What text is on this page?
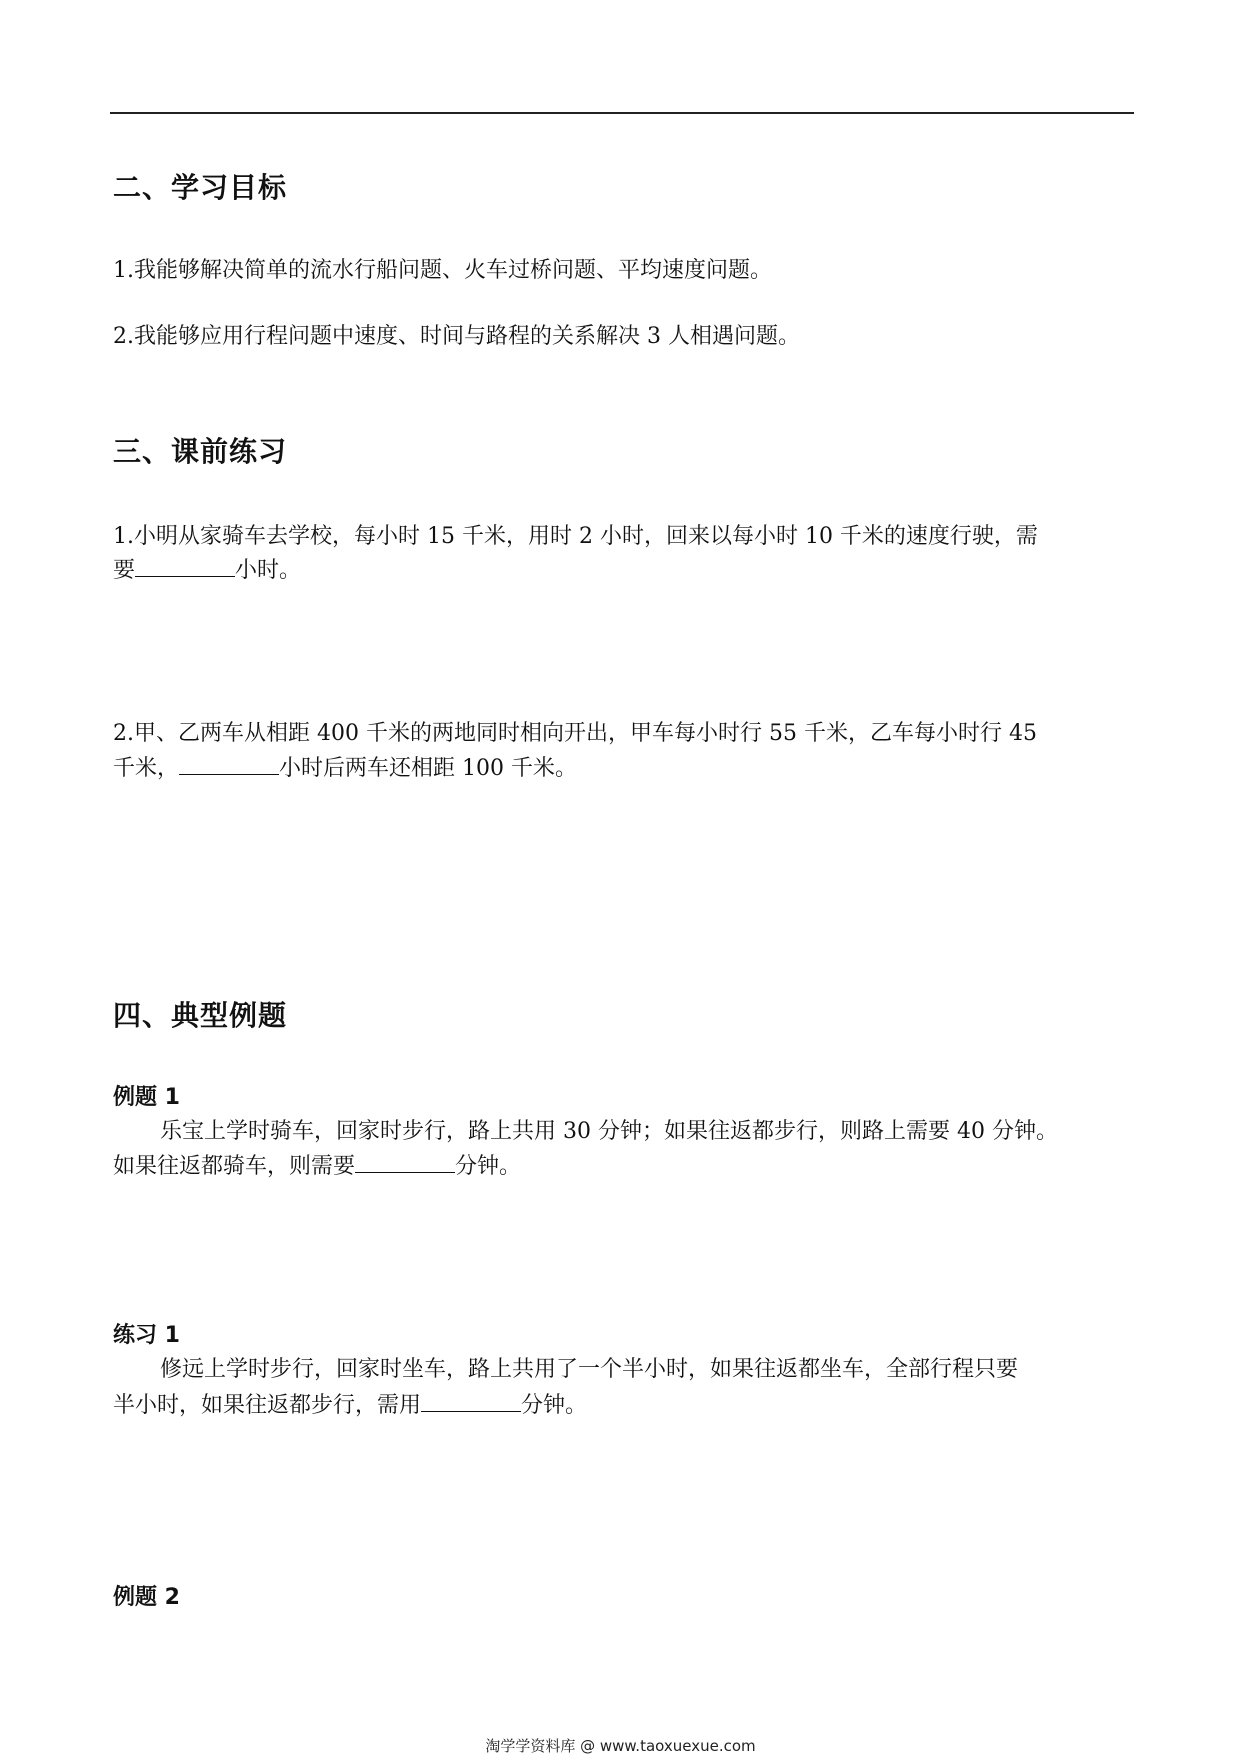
二、学习目标
1.我能够解决简单的流水行船问题、火车过桥问题、平均速度问题。
2.我能够应用行程问题中速度、时间与路程的关系解决 3 人相遇问题。
三、课前练习
1.小明从家骑车去学校，每小时 15 千米，用时 2 小时，回来以每小时 10 千米的速度行驶，需
要	小时。
2.甲、乙两车从相距 400 千米的两地同时相向开出，甲车每小时行 55 千米，乙车每小时行 45
千米，	小时后两车还相距 100 千米。
四、典型例题
例题 1
乐宝上学时骑车，回家时步行，路上共用 30 分钟；如果往返都步行，则路上需要 40 分钟。
如果往返都骑车，则需要	分钟。
练习 1
修远上学时步行，回家时坐车，路上共用了一个半小时，如果往返都坐车，全部行程只要
半小时，如果往返都步行，需用	分钟。
例题 2
淘学学资料库 @ www.taoxuexue.com
